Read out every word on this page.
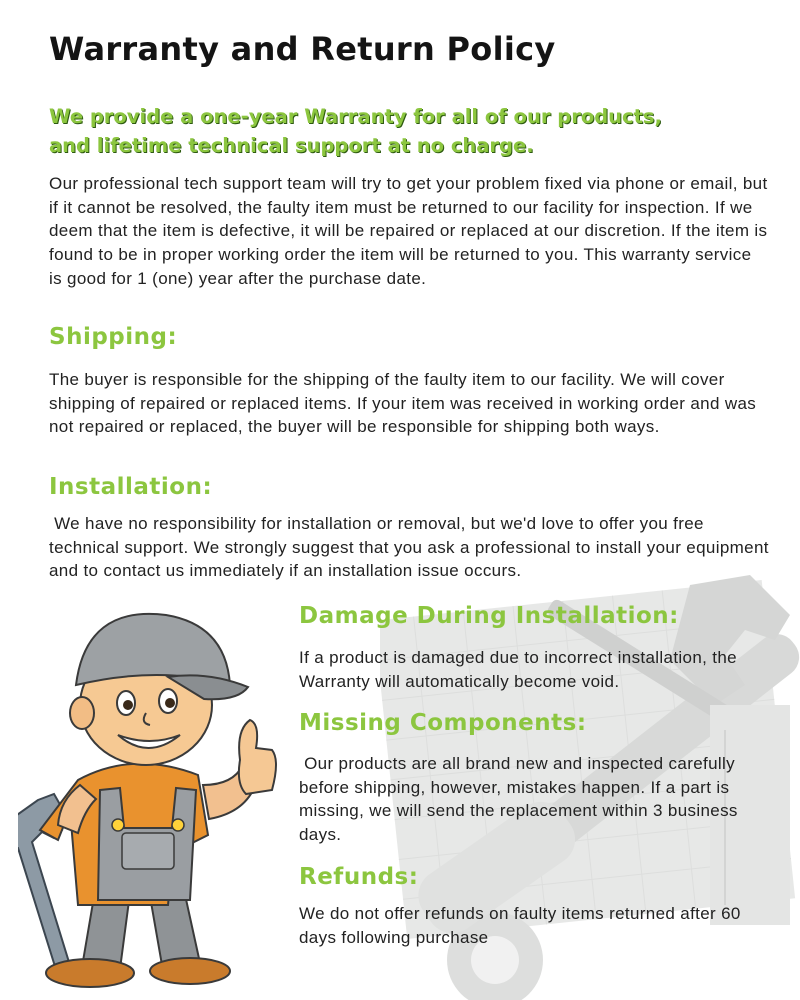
Warranty and Return Policy
We provide a one-year Warranty for all of our products,
and lifetime technical support at no charge.

Our professional tech support team will try to get your problem fixed via phone or email, but if it cannot be resolved, the faulty item must be returned to our facility for inspection. If we deem that the item is defective, it will be repaired or replaced at our discretion. If the item is found to be in proper working order the item will be returned to you. This warranty service is good for 1 (one) year after the purchase date.

Shipping:

The buyer is responsible for the shipping of the faulty item to our facility. We will cover shipping of repaired or replaced items. If your item was received in working order and was not repaired or replaced, the buyer will be responsible for shipping both ways.

Installation:

We have no responsibility for installation or removal, but we'd love to offer you free technical support. We strongly suggest that you ask a professional to install your equipment and to contact us immediately if an installation issue occurs.

Damage During Installation:

If a product is damaged due to incorrect installation, the Warranty will automatically become void.

Missing Components:

Our products are all brand new and inspected carefully before shipping, however, mistakes happen. If a part is missing, we will send the replacement within 3 business days.

Refunds:

We do not offer refunds on faulty items returned after 60 days following purchase
